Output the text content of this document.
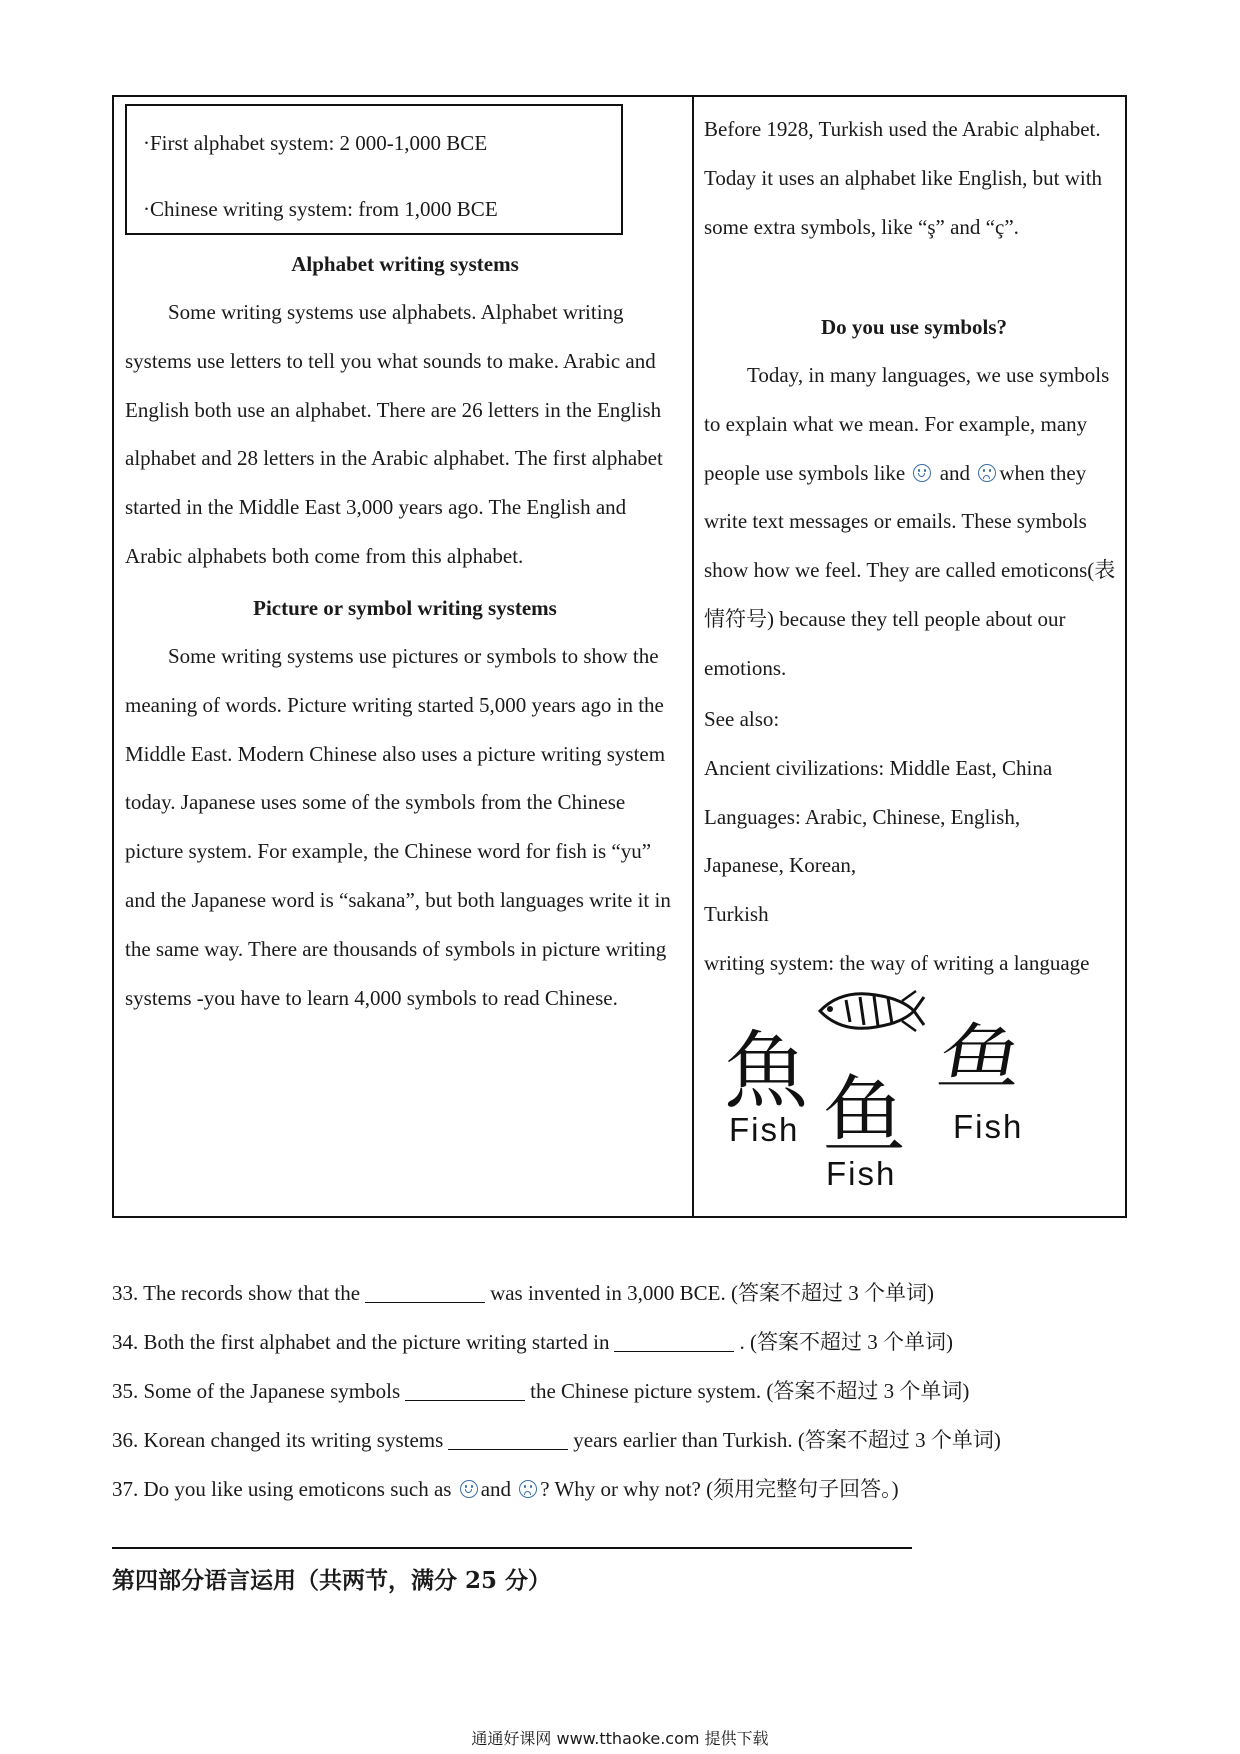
·First alphabet system: 2 000-1,000 BCE
·Chinese writing system: from 1,000 BCE
Alphabet writing systems

Some writing systems use alphabets. Alphabet writing systems use letters to tell you what sounds to make. Arabic and English both use an alphabet. There are 26 letters in the English alphabet and 28 letters in the Arabic alphabet. The first alphabet started in the Middle East 3,000 years ago. The English and Arabic alphabets both come from this alphabet.

Picture or symbol writing systems

Some writing systems use pictures or symbols to show the meaning of words. Picture writing started 5,000 years ago in the Middle East. Modern Chinese also uses a picture writing system today. Japanese uses some of the symbols from the Chinese picture system. For example, the Chinese word for fish is “yu” and the Japanese word is “sakana”, but both languages write it in the same way. There are thousands of symbols in picture writing systems -you have to learn 4,000 symbols to read Chinese.

Before 1928, Turkish used the Arabic alphabet. Today it uses an alphabet like English, but with some extra symbols, like “ş” and “ç”.

Do you use symbols?

Today, in many languages, we use symbols to explain what we mean. For example, many people use symbols like and when they write text messages or emails. These symbols show how we feel. They are called emoticons(表情符号) because they tell people about our emotions.

See also:
Ancient civilizations: Middle East, China
Languages: Arabic, Chinese, English,
Japanese, Korean,
Turkish
writing system: the way of writing a language
魚
Fish 鱼
Fish
鱼
Fish
33. The records show that the	was invented in 3,000 BCE. (答案不超过 3 个单词)
34. Both the first alphabet and the picture writing started in	. (答案不超过 3 个单词)
35. Some of the Japanese symbols	the Chinese picture system. (答案不超过 3 个单词)
36. Korean changed its writing systems	years earlier than Turkish. (答案不超过 3 个单词)
37. Do you like using emoticons such as and ? Why or why not? (须用完整句子回答。)
第四部分语言运用（共两节，满分 25 分）
通通好课网 www.tthaoke.com 提供下载
